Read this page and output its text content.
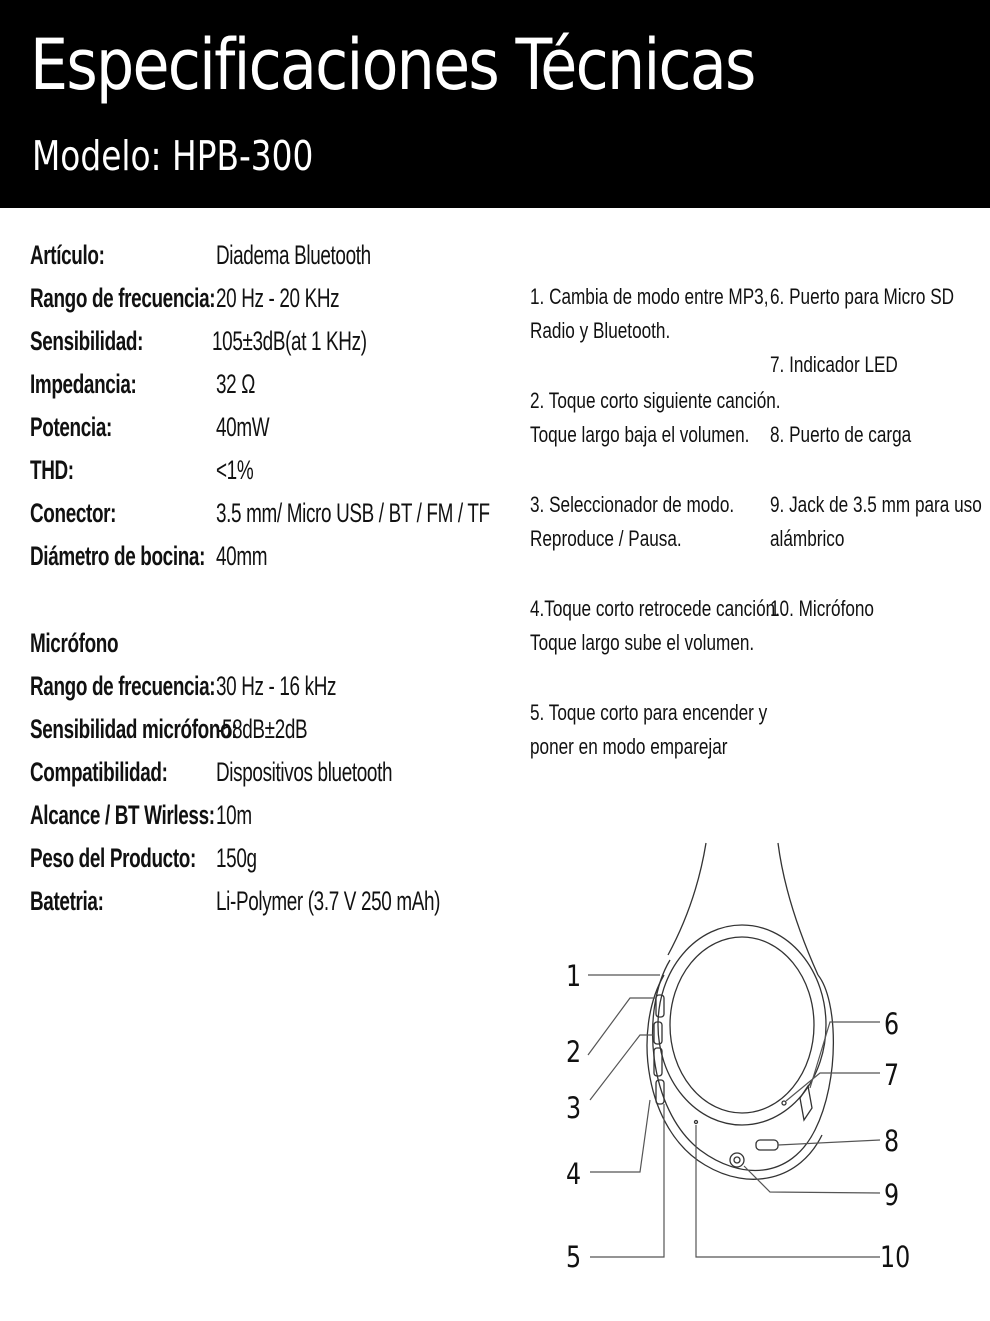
Especificaciones Técnicas
Modelo: HPB-300
Artículo:	Diadema Bluetooth
Rango de frecuencia: 20 Hz - 20 KHz
Sensibilidad:	105±3dB(at 1 KHz)
Impedancia:	32 Ω
Potencia:	40mW
THD:	<1%
Conector:	3.5 mm/ Micro USB / BT / FM / TF
Diámetro de bocina: 40mm
Micrófono
Rango de frecuencia: 30 Hz - 16 kHz
Sensibilidad micrófono:
-58dB±2dB
Compatibilidad: Dispositivos bluetooth
Alcance / BT Wirless: 10m
Peso del Producto: 150g
Batetria:	Li-Polymer (3.7 V 250 mAh)
1. Cambia de modo entre MP3,
Radio y Bluetooth.
2. Toque corto siguiente canción.
Toque largo baja el volumen.
3. Seleccionador de modo.
Reproduce / Pausa.
4.Toque corto retrocede canción.
Toque largo sube el volumen.
5. Toque corto para encender y
poner en modo emparejar
6. Puerto para Micro SD
7. Indicador LED
8. Puerto de carga
9. Jack de 3.5 mm para uso
alámbrico
10. Micrófono
1
2
3
4
5
6
7
8
9
10
